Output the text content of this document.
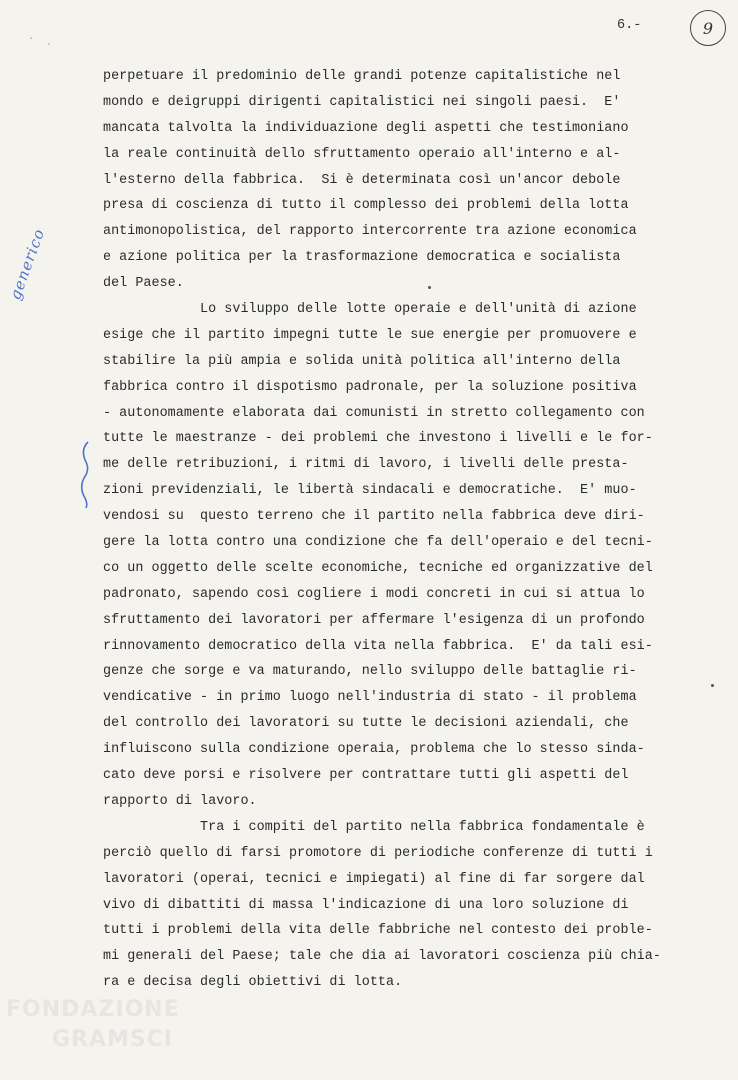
·
·
6.-	9
generico
perpetuare il predominio delle grandi potenze capitalistiche nel
mondo e deigruppi dirigenti capitalistici nei singoli paesi.  E'
mancata talvolta la individuazione degli aspetti che testimoniano
la reale continuità dello sfruttamento operaio all'interno e al-
l'esterno della fabbrica.  Si è determinata così un'ancor debole
presa di coscienza di tutto il complesso dei problemi della lotta
antimonopolistica, del rapporto intercorrente tra azione economica
e azione politica per la trasformazione democratica e socialista
del Paese.
Lo sviluppo delle lotte operaie e dell'unità di azione
esige che il partito impegni tutte le sue energie per promuovere e
stabilire la più ampia e solida unità politica all'interno della
fabbrica contro il dispotismo padronale, per la soluzione positiva
- autonomamente elaborata dai comunisti in stretto collegamento con
tutte le maestranze - dei problemi che investono i livelli e le for-
me delle retribuzioni, i ritmi di lavoro, i livelli delle presta-
zioni previdenziali, le libertà sindacali e democratiche.  E' muo-
vendosi su  questo terreno che il partito nella fabbrica deve diri-
gere la lotta contro una condizione che fa dell'operaio e del tecni-
co un oggetto delle scelte economiche, tecniche ed organizzative del
padronato, sapendo così cogliere i modi concreti in cui si attua lo
sfruttamento dei lavoratori per affermare l'esigenza di un profondo
rinnovamento democratico della vita nella fabbrica.  E' da tali esi-
genze che sorge e va maturando, nello sviluppo delle battaglie ri-
vendicative - in primo luogo nell'industria di stato - il problema
del controllo dei lavoratori su tutte le decisioni aziendali, che
influiscono sulla condizione operaia, problema che lo stesso sinda-
cato deve porsi e risolvere per contrattare tutti gli aspetti del
rapporto di lavoro.
Tra i compiti del partito nella fabbrica fondamentale è
perciò quello di farsi promotore di periodiche conferenze di tutti i
lavoratori (operai, tecnici e impiegati) al fine di far sorgere dal
vivo di dibattiti di massa l'indicazione di una loro soluzione di
tutti i problemi della vita delle fabbriche nel contesto dei proble-
mi generali del Paese; tale che dia ai lavoratori coscienza più chia-
ra e decisa degli obiettivi di lotta.
FONDAZIONE
GRAMSCI
